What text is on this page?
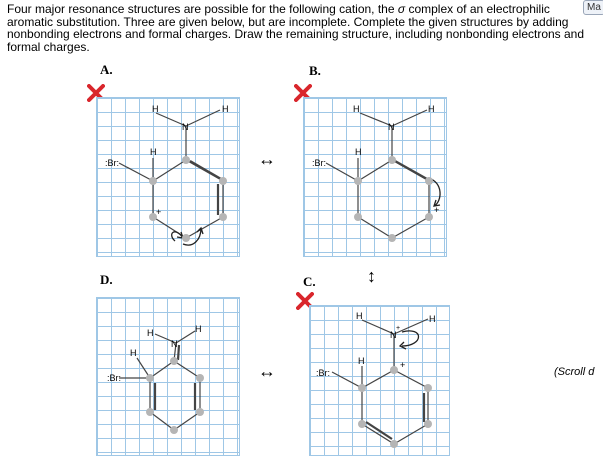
Four major resonance structures are possible for the following cation, the σ complex of an electrophilic aromatic substitution. Three are given below, but are incomplete. Complete the given structures by adding nonbonding electrons and formal charges. Draw the remaining structure, including nonbonding electrons and formal charges.

Ma
A.	B.
D.	C.
H	H
N
H
:Br:
+
H	H
N
H
:Br:
+
H	H
N
H
:Br:
H	H
N
+
H
:Br:
+
↔
↕
↔	(Scroll d
